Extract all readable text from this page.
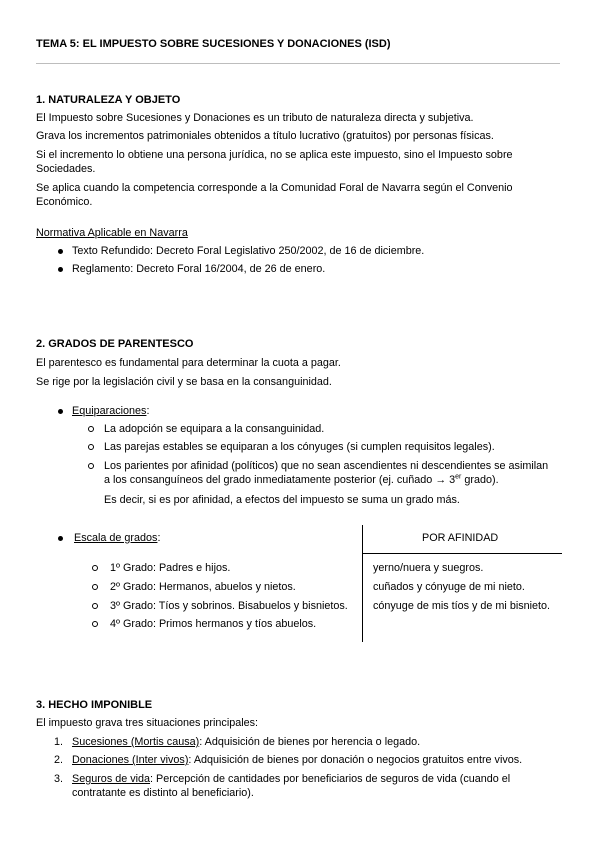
TEMA 5: EL IMPUESTO SOBRE SUCESIONES Y DONACIONES (ISD)
1. NATURALEZA Y OBJETO
El Impuesto sobre Sucesiones y Donaciones es un tributo de naturaleza directa y subjetiva.
Grava los incrementos patrimoniales obtenidos a título lucrativo (gratuitos) por personas físicas.
Si el incremento lo obtiene una persona jurídica, no se aplica este impuesto, sino el Impuesto sobre
Sociedades.
Se aplica cuando la competencia corresponde a la Comunidad Foral de Navarra según el Convenio
Económico.
Normativa Aplicable en Navarra
Texto Refundido: Decreto Foral Legislativo 250/2002, de 16 de diciembre.
Reglamento: Decreto Foral 16/2004, de 26 de enero.
2. GRADOS DE PARENTESCO
El parentesco es fundamental para determinar la cuota a pagar.
Se rige por la legislación civil y se basa en la consanguinidad.
Equiparaciones:
La adopción se equipara a la consanguinidad.
Las parejas estables se equiparan a los cónyuges (si cumplen requisitos legales).
Los parientes por afinidad (políticos) que no sean ascendientes ni descendientes se asimilan
a los consanguíneos del grado inmediatamente posterior (ej. cuñado → 3er grado).
Es decir, si es por afinidad, a efectos del impuesto se suma un grado más.
Escala de grados:	POR AFINIDAD
1º Grado: Padres e hijos.
2º Grado: Hermanos, abuelos y nietos.
3º Grado: Tíos y sobrinos. Bisabuelos y bisnietos.
4º Grado: Primos hermanos y tíos abuelos.
yerno/nuera y suegros.
cuñados y cónyuge de mi nieto.
cónyuge de mis tíos y de mi bisnieto.
3. HECHO IMPONIBLE
El impuesto grava tres situaciones principales:
1. Sucesiones (Mortis causa): Adquisición de bienes por herencia o legado.
2. Donaciones (Inter vivos): Adquisición de bienes por donación o negocios gratuitos entre vivos.
3. Seguros de vida: Percepción de cantidades por beneficiarios de seguros de vida (cuando el
contratante es distinto al beneficiario).
